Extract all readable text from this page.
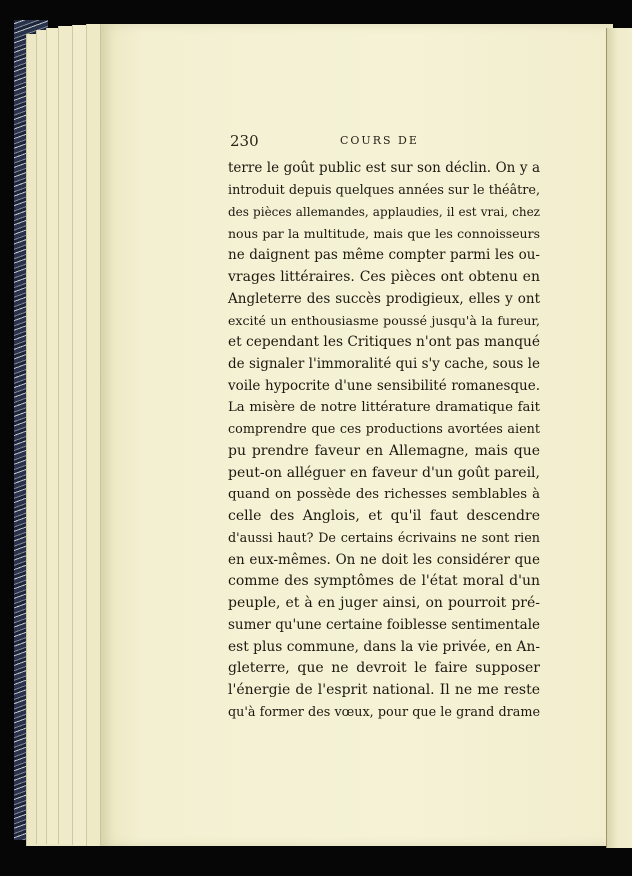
230	COURS DE
terre le goût public est sur son déclin. On y a
introduit depuis quelques années sur le théâtre,
des pièces allemandes, applaudies, il est vrai, chez
nous par la multitude, mais que les connoisseurs
ne daignent pas même compter parmi les ou-
vrages littéraires. Ces pièces ont obtenu en
Angleterre des succès prodigieux, elles y ont
excité un enthousiasme poussé jusqu'à la fureur,
et cependant les Critiques n'ont pas manqué
de signaler l'immoralité qui s'y cache, sous le
voile hypocrite d'une sensibilité romanesque.
La misère de notre littérature dramatique fait
comprendre que ces productions avortées aient
pu prendre faveur en Allemagne, mais que
peut-on alléguer en faveur d'un goût pareil,
quand on possède des richesses semblables à
celle des Anglois, et qu'il faut descendre
d'aussi haut? De certains écrivains ne sont rien
en eux-mêmes. On ne doit les considérer que
comme des symptômes de l'état moral d'un
peuple, et à en juger ainsi, on pourroit pré-
sumer qu'une certaine foiblesse sentimentale
est plus commune, dans la vie privée, en An-
gleterre, que ne devroit le faire supposer
l'énergie de l'esprit national. Il ne me reste
qu'à former des vœux, pour que le grand drame
